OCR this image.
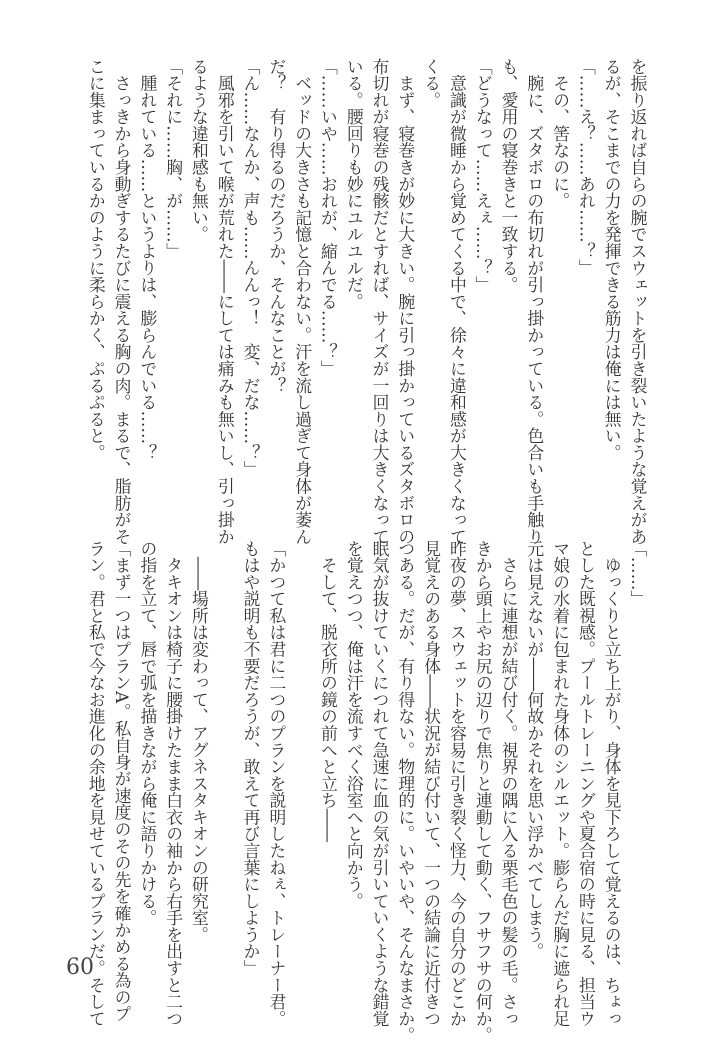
を振り返れば自らの腕でスウェットを引き裂いたような覚えがあ
るが、そこまでの力を発揮できる筋力は俺には無い。
「……え？……あれ……？」
　その、筈なのに。
　腕に、ズタボロの布切れが引っ掛かっている。色合いも手触り
も、愛用の寝巻きと一致する。
「どうなって……えぇ……？」
　意識が微睡から覚めてくる中で、徐々に違和感が大きくなって
くる。
　まず、寝巻きが妙に大きい。腕に引っ掛かっているズタボロの
布切れが寝巻の残骸だとすれば、サイズが一回りは大きくなって
いる。腰回りも妙にユルユルだ。
「……いや……おれが、縮んでる……？」
　ベッドの大きさも記憶と合わない。汗を流し過ぎて身体が萎ん
だ？　有り得るのだろうか、そんなことが？
「ん……なんか、声も……んんっ！　変、だな……？」
　風邪を引いて喉が荒れた――にしては痛みも無いし、引っ掛か
るような違和感も無い。
「それに……胸、が……」
　腫れている……というよりは、膨らんでいる……？
　さっきから身動ぎするたびに震える胸の肉。まるで、脂肪がそ
こに集まっているかのように柔らかく、ぷるぷると。
「……」
　ゆっくりと立ち上がり、身体を見下ろして覚えるのは、ちょっ
とした既視感。プールトレーニングや夏合宿の時に見る、担当ウ
マ娘の水着に包まれた身体のシルエット。膨らんだ胸に遮られ足
元は見えないが――何故かそれを思い浮かべてしまう。
　さらに連想が結び付く。視界の隅に入る栗毛色の髪の毛。さっ
きから頭上やお尻の辺りで焦りと連動して動く、フサフサの何か。
昨夜の夢、スウェットを容易に引き裂く怪力、今の自分のどこか
見覚えのある身体――状況が結び付いて、一つの結論に近付きつ
つある。だが、有り得ない。物理的に。いやいや、そんなまさか。
眠気が抜けていくにつれて急速に血の気が引いていくような錯覚
を覚えつつ、俺は汗を流すべく浴室へと向かう。
　そして、脱衣所の鏡の前へと立ち――
「かつて私は君に二つのプランを説明したねぇ、トレーナー君。
もはや説明も不要だろうが、敢えて再び言葉にしようか」
　――場所は変わって、アグネスタキオンの研究室。
　タキオンは椅子に腰掛けたまま白衣の袖から右手を出すと二つ
の指を立て、唇で弧を描きながら俺に語りかける。
「まず一つはプランA。私自身が速度のその先を確かめる為のプ
ラン。君と私で今なお進化の余地を見せているプランだ。そして
60
